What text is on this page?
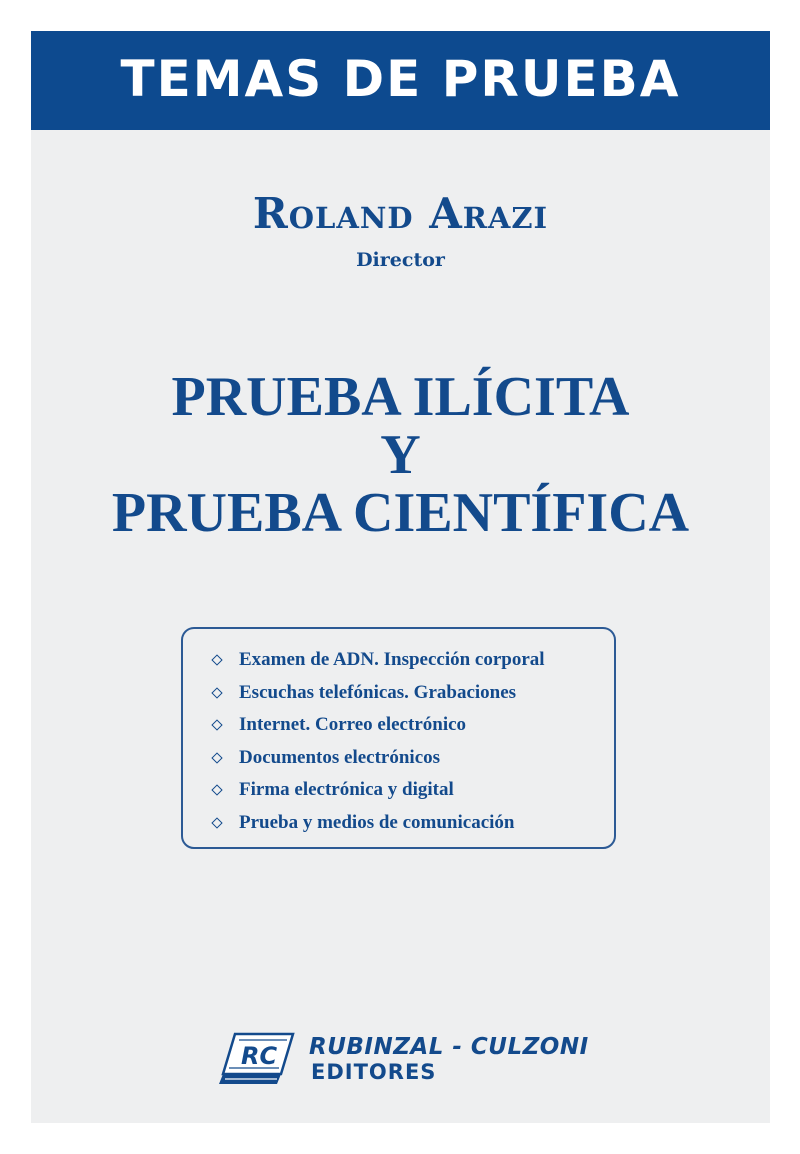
TEMAS DE PRUEBA
Roland Arazi
Director
PRUEBA ILÍCITA
Y
PRUEBA CIENTÍFICA
Examen de ADN. Inspección corporal
Escuchas telefónicas. Grabaciones
Internet. Correo electrónico
Documentos electrónicos
Firma electrónica y digital
Prueba y medios de comunicación
RC RUBINZAL - CULZONI
EDITORES
